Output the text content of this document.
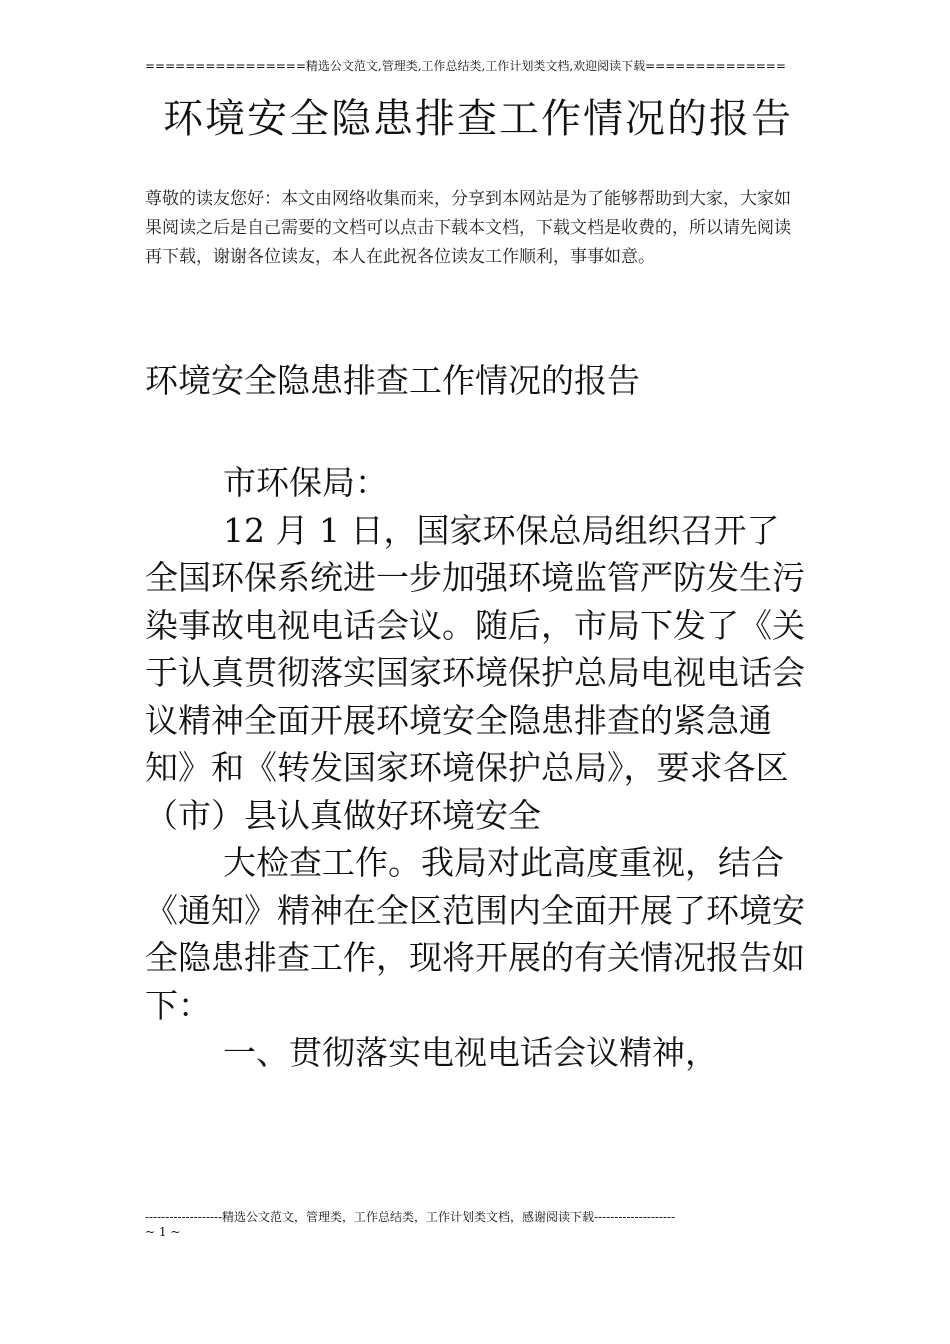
================精选公文范文,管理类,工作总结类,工作计划类文档,欢迎阅读下载==============
环境安全隐患排查工作情况的报告
尊敬的读友您好：本文由网络收集而来，分享到本网站是为了能够帮助到大家，大家如果阅读之后是自己需要的文档可以点击下载本文档，下载文档是收费的，所以请先阅读再下载，谢谢各位读友，本人在此祝各位读友工作顺利，事事如意。
环境安全隐患排查工作情况的报告

市环保局：

12 月 1 日，国家环保总局组织召开了全国环保系统进一步加强环境监管严防发生污染事故电视电话会议。随后，市局下发了《关于认真贯彻落实国家环境保护总局电视电话会议精神全面开展环境安全隐患排查的紧急通知》和《转发国家环境保护总局》，要求各区（市）县认真做好环境安全

大检查工作。我局对此高度重视，结合《通知》精神在全区范围内全面开展了环境安全隐患排查工作，现将开展的有关情况报告如下：

一、贯彻落实电视电话会议精神，

-------------------精选公文范文，管理类，工作总结类，工作计划类文档，感谢阅读下载--------------------
~ 1 ~
